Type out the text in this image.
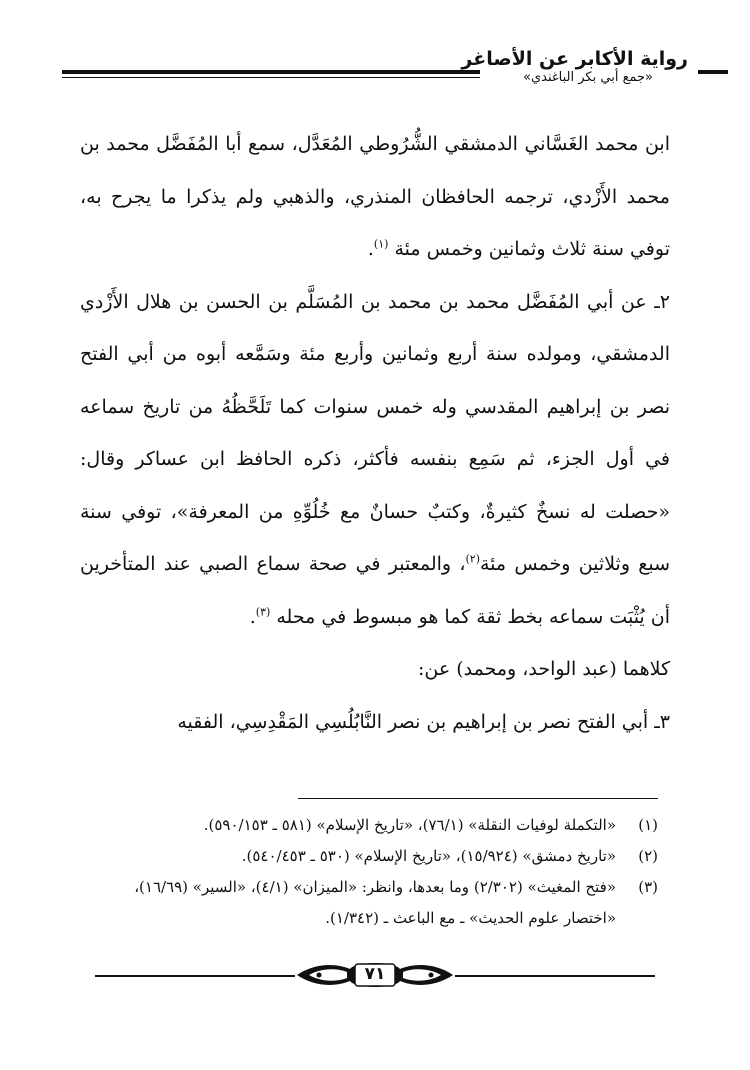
رواية الأكابر عن الأصاغر
«جمع أبي بكر الباغندي»

ابن محمد الغَسَّاني الدمشقي الشُّرُوطي المُعَدَّل، سمع أبا المُفَضَّل محمد بن محمد الأَزْدي، ترجمه الحافظان المنذري، والذهبي ولم يذكرا ما يجرح به، توفي سنة ثلاث وثمانين وخمس مئة $^{(١)}$.

٢ـ عن أبي المُفَضَّل محمد بن محمد بن المُسَلَّم بن الحسن بن هلال الأَزْدي الدمشقي، ومولده سنة أربع وثمانين وأربع مئة وسَمَّعه أبوه من أبي الفتح نصر بن إبراهيم المقدسي وله خمس سنوات كما تَلَحَّظُهُ من تاريخ سماعه في أول الجزء، ثم سَمِع بنفسه فأكثر، ذكره الحافظ ابن عساكر وقال: «حصلت له نسخٌ كثيرةٌ، وكتبٌ حسانٌ مع خُلُوِّهِ من المعرفة»، توفي سنة سبع وثلاثين وخمس مئة$^{(٢)}$، والمعتبر في صحة سماع الصبي عند المتأخرين أن يُثْبَت سماعه بخط ثقة كما هو مبسوط في محله $^{(٣)}$.

كلاهما (عبد الواحد، ومحمد) عن:

٣ـ أبي الفتح نصر بن إبراهيم بن نصر النَّابُلُسِي المَقْدِسِي، الفقيه

(١)
«التكملة لوفيات النقلة» (٧٦/١)، «تاريخ الإسلام» (٥٨١ ـ ٥٩٠/١٥٣).

(٢)
«تاريخ دمشق» (١٥/٩٢٤)، «تاريخ الإسلام» (٥٣٠ ـ ٥٤٠/٤٥٣).

(٣)
«فتح المغيث» (٢/٣٠٢) وما بعدها، وانظر: «الميزان» (٤/١)، «السير» (١٦/٦٩)، «اختصار علوم الحديث» ـ مع الباعث ـ (١/٣٤٢).

٧١
